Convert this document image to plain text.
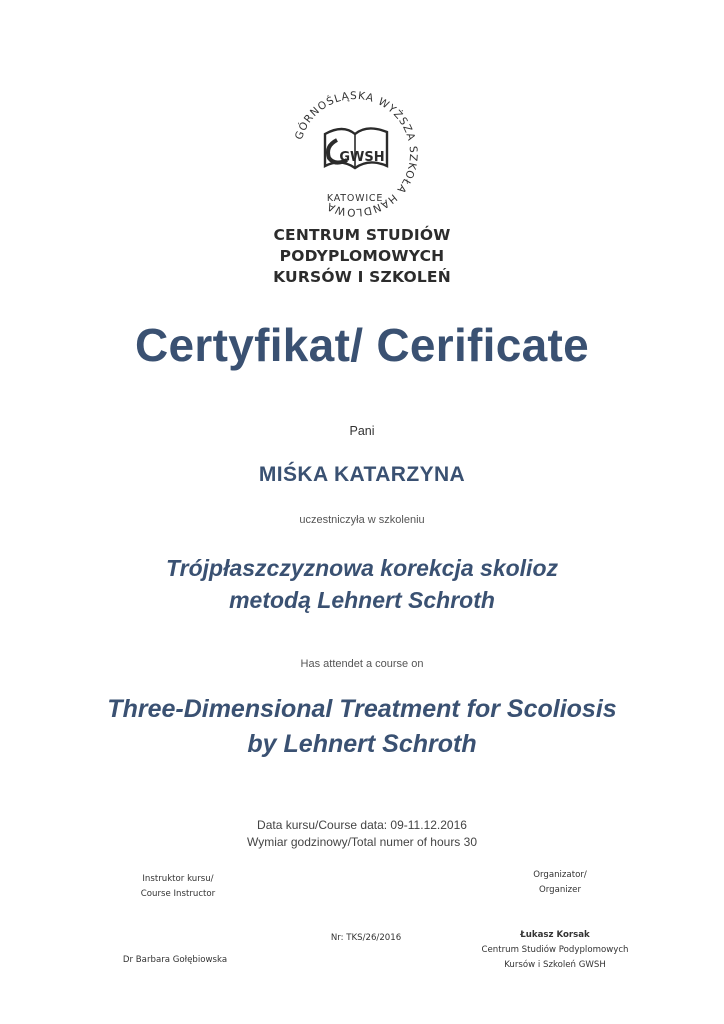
GÓRNOŚLĄSKA WYŻSZA SZKOŁA HANDLOWA
GWSH
KATOWICE
CENTRUM STUDIÓW
PODYPLOMOWYCH
KURSÓW I SZKOLEŃ
Certyfikat/ Cerificate
Pani
MIŚKA KATARZYNA
uczestniczyła w szkoleniu
Trójpłaszczyznowa korekcja skolioz
metodą Lehnert Schroth
Has attendet a course on
Three-Dimensional Treatment for Scoliosis
by Lehnert Schroth
Data kursu/Course data: 09-11.12.2016
Wymiar godzinowy/Total numer of hours 30
Instruktor kursu/
Course Instructor
Organizator/
Organizer
Nr: TKS/26/2016
Dr Barbara Gołębiowska
Łukasz Korsak
Centrum Studiów Podyplomowych
Kursów i Szkoleń GWSH
